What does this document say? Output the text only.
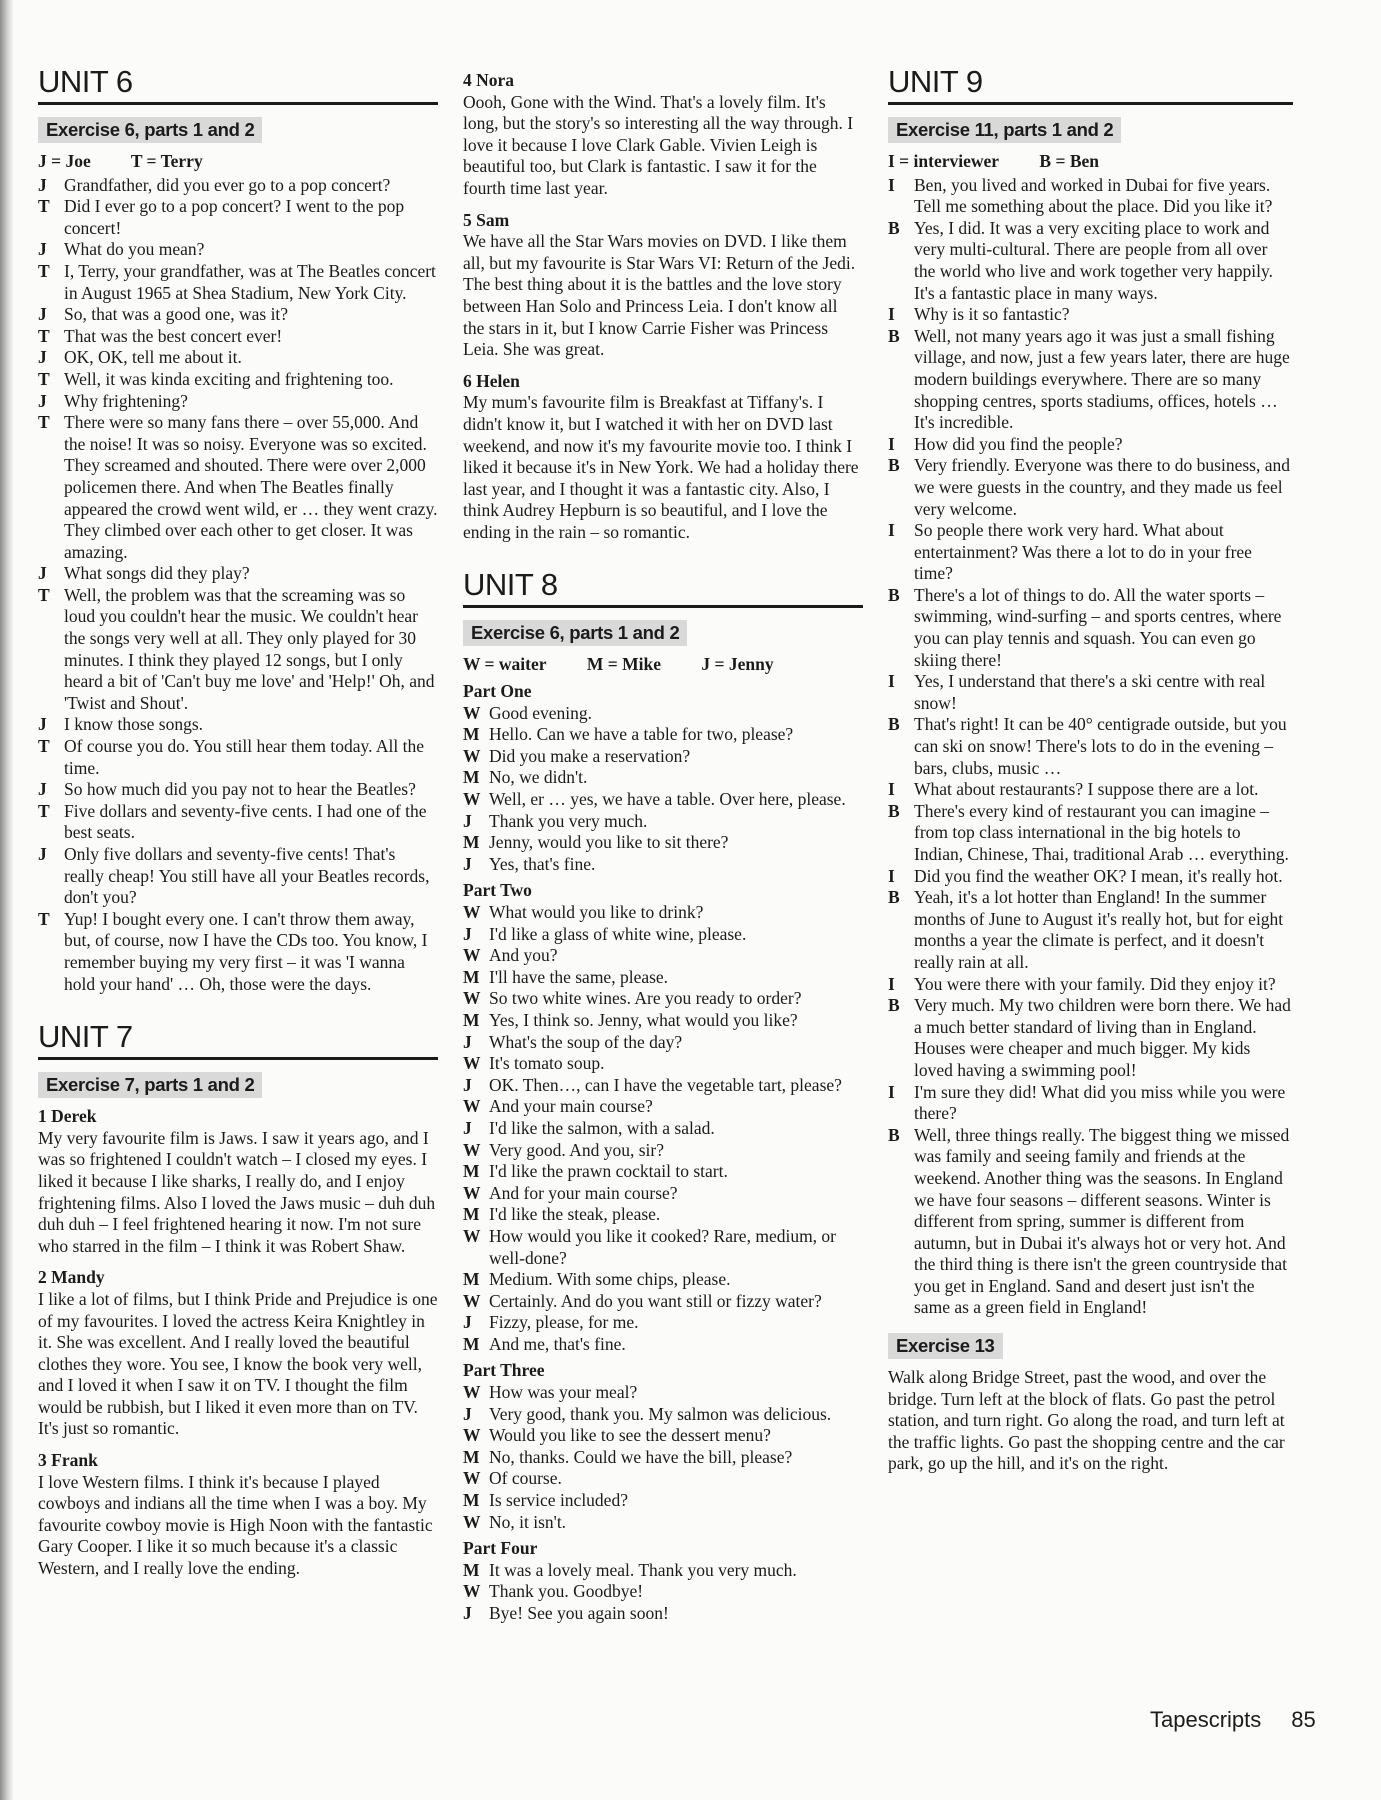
UNIT 6
Exercise 6, parts 1 and 2
J = Joe T = Terry
J Grandfather, did you ever go to a pop concert?
T Did I ever go to a pop concert? I went to the pop concert!
J What do you mean?
T I, Terry, your grandfather, was at The Beatles concert in August 1965 at Shea Stadium, New York City.
J So, that was a good one, was it?
T That was the best concert ever!
J OK, OK, tell me about it.
T Well, it was kinda exciting and frightening too.
J Why frightening?
T There were so many fans there – over 55,000. And the noise! It was so noisy. Everyone was so excited. They screamed and shouted. There were over 2,000 policemen there. And when The Beatles finally appeared the crowd went wild, er … they went crazy. They climbed over each other to get closer. It was amazing.
J What songs did they play?
T Well, the problem was that the screaming was so loud you couldn't hear the music. We couldn't hear the songs very well at all. They only played for 30 minutes. I think they played 12 songs, but I only heard a bit of 'Can't buy me love' and 'Help!' Oh, and 'Twist and Shout'.
J I know those songs.
T Of course you do. You still hear them today. All the time.
J So how much did you pay not to hear the Beatles?
T Five dollars and seventy-five cents. I had one of the best seats.
J Only five dollars and seventy-five cents! That's really cheap! You still have all your Beatles records, don't you?
T Yup! I bought every one. I can't throw them away, but, of course, now I have the CDs too. You know, I remember buying my very first – it was 'I wanna hold your hand' … Oh, those were the days.
UNIT 7
Exercise 7, parts 1 and 2
1 Derek

My very favourite film is Jaws. I saw it years ago, and I was so frightened I couldn't watch – I closed my eyes. I liked it because I like sharks, I really do, and I enjoy frightening films. Also I loved the Jaws music – duh duh duh duh – I feel frightened hearing it now. I'm not sure who starred in the film – I think it was Robert Shaw.

2 Mandy

I like a lot of films, but I think Pride and Prejudice is one of my favourites. I loved the actress Keira Knightley in it. She was excellent. And I really loved the beautiful clothes they wore. You see, I know the book very well, and I loved it when I saw it on TV. I thought the film would be rubbish, but I liked it even more than on TV. It's just so romantic.

3 Frank

I love Western films. I think it's because I played cowboys and indians all the time when I was a boy. My favourite cowboy movie is High Noon with the fantastic Gary Cooper. I like it so much because it's a classic Western, and I really love the ending.

4 Nora

Oooh, Gone with the Wind. That's a lovely film. It's long, but the story's so interesting all the way through. I love it because I love Clark Gable. Vivien Leigh is beautiful too, but Clark is fantastic. I saw it for the fourth time last year.

5 Sam

We have all the Star Wars movies on DVD. I like them all, but my favourite is Star Wars VI: Return of the Jedi. The best thing about it is the battles and the love story between Han Solo and Princess Leia. I don't know all the stars in it, but I know Carrie Fisher was Princess Leia. She was great.

6 Helen

My mum's favourite film is Breakfast at Tiffany's. I didn't know it, but I watched it with her on DVD last weekend, and now it's my favourite movie too. I think I liked it because it's in New York. We had a holiday there last year, and I thought it was a fantastic city. Also, I think Audrey Hepburn is so beautiful, and I love the ending in the rain – so romantic.

UNIT 8
Exercise 6, parts 1 and 2
W = waiter M = Mike J = Jenny
Part One
W Good evening.
M Hello. Can we have a table for two, please?
W Did you make a reservation?
M No, we didn't.
W Well, er … yes, we have a table. Over here, please.
J Thank you very much.
M Jenny, would you like to sit there?
J Yes, that's fine.
Part Two
W What would you like to drink?
J I'd like a glass of white wine, please.
W And you?
M I'll have the same, please.
W So two white wines. Are you ready to order?
M Yes, I think so. Jenny, what would you like?
J What's the soup of the day?
W It's tomato soup.
J OK. Then…, can I have the vegetable tart, please?
W And your main course?
J I'd like the salmon, with a salad.
W Very good. And you, sir?
M I'd like the prawn cocktail to start.
W And for your main course?
M I'd like the steak, please.
W How would you like it cooked? Rare, medium, or well-done?
M Medium. With some chips, please.
W Certainly. And do you want still or fizzy water?
J Fizzy, please, for me.
M And me, that's fine.
Part Three
W How was your meal?
J Very good, thank you. My salmon was delicious.
W Would you like to see the dessert menu?
M No, thanks. Could we have the bill, please?
W Of course.
M Is service included?
W No, it isn't.
Part Four
M It was a lovely meal. Thank you very much.
W Thank you. Goodbye!
J Bye! See you again soon!
UNIT 9
Exercise 11, parts 1 and 2
I = interviewer B = Ben
I	Ben, you lived and worked in Dubai for five years. Tell me something about the place. Did you like it?
B Yes, I did. It was a very exciting place to work and very multi-cultural. There are people from all over the world who live and work together very happily. It's a fantastic place in many ways.
I	Why is it so fantastic?
B Well, not many years ago it was just a small fishing village, and now, just a few years later, there are huge modern buildings everywhere. There are so many shopping centres, sports stadiums, offices, hotels … It's incredible.
I	How did you find the people?
B Very friendly. Everyone was there to do business, and we were guests in the country, and they made us feel very welcome.
I	So people there work very hard. What about entertainment? Was there a lot to do in your free time?
B There's a lot of things to do. All the water sports – swimming, wind-surfing – and sports centres, where you can play tennis and squash. You can even go skiing there!
I	Yes, I understand that there's a ski centre with real snow!
B That's right! It can be 40° centigrade outside, but you can ski on snow! There's lots to do in the evening – bars, clubs, music …
I	What about restaurants? I suppose there are a lot.
B There's every kind of restaurant you can imagine – from top class international in the big hotels to Indian, Chinese, Thai, traditional Arab … everything.
I	Did you find the weather OK? I mean, it's really hot.
B Yeah, it's a lot hotter than England! In the summer months of June to August it's really hot, but for eight months a year the climate is perfect, and it doesn't really rain at all.
I	You were there with your family. Did they enjoy it?
B Very much. My two children were born there. We had a much better standard of living than in England. Houses were cheaper and much bigger. My kids loved having a swimming pool!
I	I'm sure they did! What did you miss while you were there?
B Well, three things really. The biggest thing we missed was family and seeing family and friends at the weekend. Another thing was the seasons. In England we have four seasons – different seasons. Winter is different from spring, summer is different from autumn, but in Dubai it's always hot or very hot. And the third thing is there isn't the green countryside that you get in England. Sand and desert just isn't the same as a green field in England!
Exercise 13

Walk along Bridge Street, past the wood, and over the bridge. Turn left at the block of flats. Go past the petrol station, and turn right. Go along the road, and turn left at the traffic lights. Go past the shopping centre and the car park, go up the hill, and it's on the right.

Tapescripts 85
